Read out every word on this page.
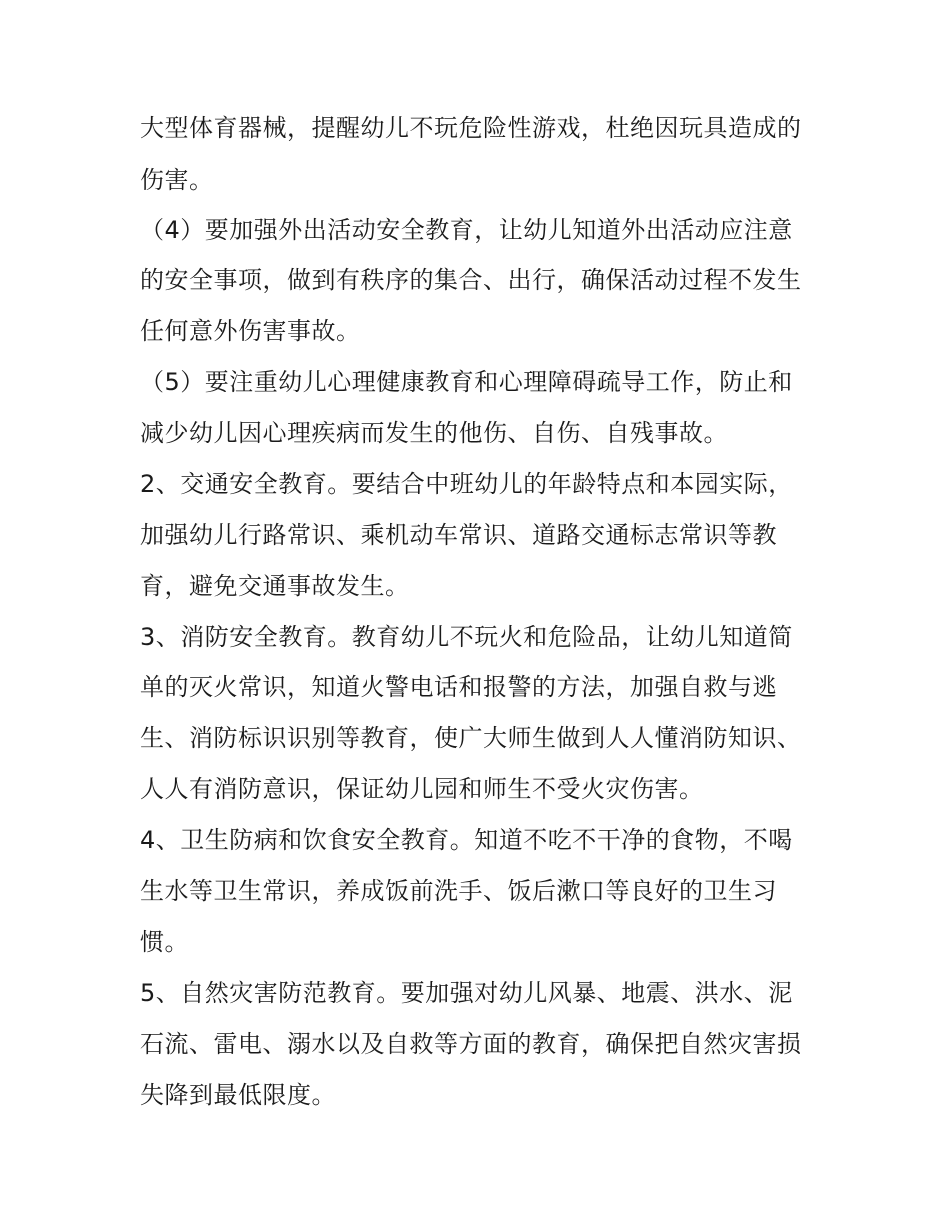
大型体育器械，提醒幼儿不玩危险性游戏，杜绝因玩具造成的

伤害。

（4）要加强外出活动安全教育，让幼儿知道外出活动应注意

的安全事项，做到有秩序的集合、出行，确保活动过程不发生

任何意外伤害事故。

（5）要注重幼儿心理健康教育和心理障碍疏导工作，防止和

减少幼儿因心理疾病而发生的他伤、自伤、自残事故。

2、交通安全教育。要结合中班幼儿的年龄特点和本园实际，

加强幼儿行路常识、乘机动车常识、道路交通标志常识等教

育，避免交通事故发生。

3、消防安全教育。教育幼儿不玩火和危险品，让幼儿知道简

单的灭火常识，知道火警电话和报警的方法，加强自救与逃

生、消防标识识别等教育，使广大师生做到人人懂消防知识、

人人有消防意识，保证幼儿园和师生不受火灾伤害。

4、卫生防病和饮食安全教育。知道不吃不干净的食物，不喝

生水等卫生常识，养成饭前洗手、饭后漱口等良好的卫生习

惯。

5、自然灾害防范教育。要加强对幼儿风暴、地震、洪水、泥

石流、雷电、溺水以及自救等方面的教育，确保把自然灾害损

失降到最低限度。
